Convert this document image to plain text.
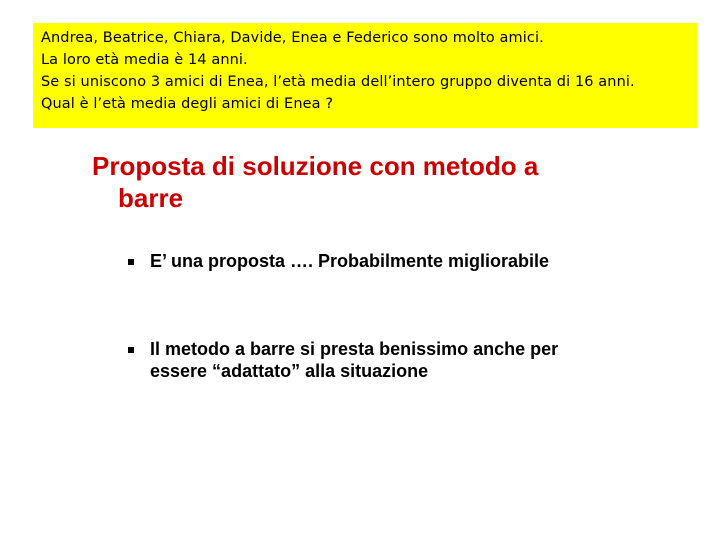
Andrea, Beatrice, Chiara, Davide, Enea e Federico sono molto amici.
La loro età media è 14 anni.
Se si uniscono 3 amici di Enea, l’età media dell’intero gruppo diventa di 16 anni.
Qual è l’età media degli amici di Enea ?
Proposta di soluzione con metodo a
barre
E’ una proposta …. Probabilmente migliorabile
Il metodo a barre si presta benissimo anche per
essere “adattato” alla situazione
